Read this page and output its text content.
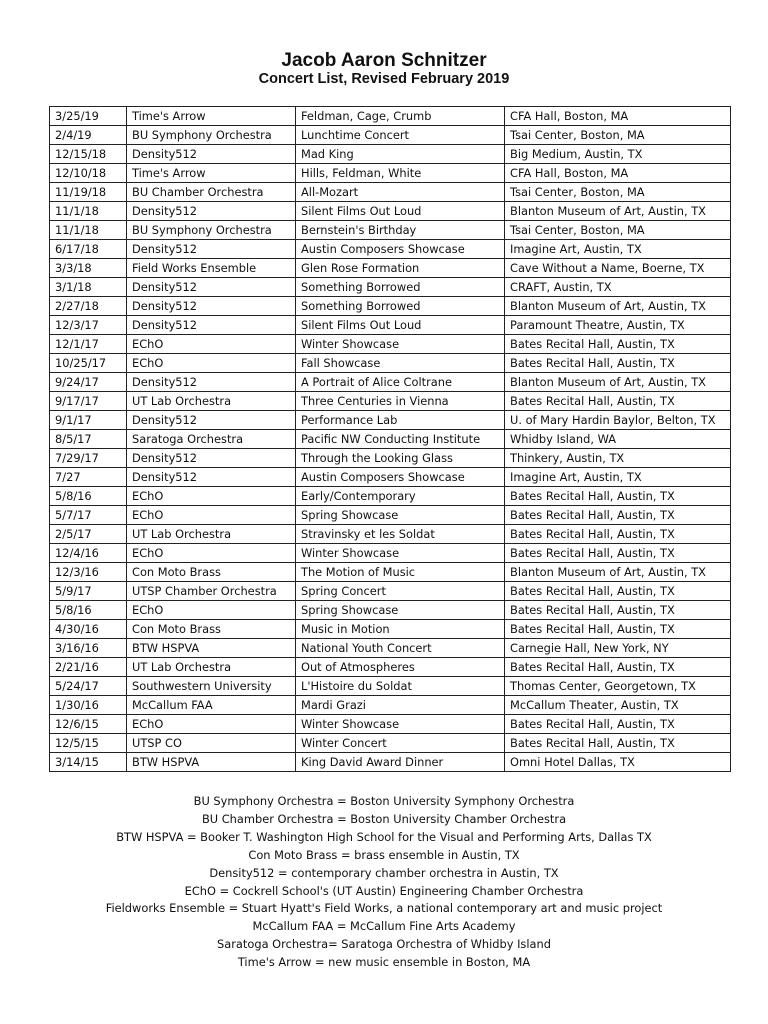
Jacob Aaron Schnitzer
Concert List, Revised February 2019
3/25/19	Time's Arrow	Feldman, Cage, Crumb	CFA Hall, Boston, MA
2/4/19	BU Symphony Orchestra	Lunchtime Concert	Tsai Center, Boston, MA
12/15/18	Density512	Mad King	Big Medium, Austin, TX
12/10/18	Time's Arrow	Hills, Feldman, White	CFA Hall, Boston, MA
11/19/18	BU Chamber Orchestra	All-Mozart	Tsai Center, Boston, MA
11/1/18	Density512	Silent Films Out Loud	Blanton Museum of Art, Austin, TX
11/1/18	BU Symphony Orchestra	Bernstein's Birthday	Tsai Center, Boston, MA
6/17/18	Density512	Austin Composers Showcase	Imagine Art, Austin, TX
3/3/18	Field Works Ensemble	Glen Rose Formation	Cave Without a Name, Boerne, TX
3/1/18	Density512	Something Borrowed	CRAFT, Austin, TX
2/27/18	Density512	Something Borrowed	Blanton Museum of Art, Austin, TX
12/3/17	Density512	Silent Films Out Loud	Paramount Theatre, Austin, TX
12/1/17	EChO	Winter Showcase	Bates Recital Hall, Austin, TX
10/25/17	EChO	Fall Showcase	Bates Recital Hall, Austin, TX
9/24/17	Density512	A Portrait of Alice Coltrane	Blanton Museum of Art, Austin, TX
9/17/17	UT Lab Orchestra	Three Centuries in Vienna	Bates Recital Hall, Austin, TX
9/1/17	Density512	Performance Lab	U. of Mary Hardin Baylor, Belton, TX
8/5/17	Saratoga Orchestra	Pacific NW Conducting Institute	Whidby Island, WA
7/29/17	Density512	Through the Looking Glass	Thinkery, Austin, TX
7/27	Density512	Austin Composers Showcase	Imagine Art, Austin, TX
5/8/16	EChO	Early/Contemporary	Bates Recital Hall, Austin, TX
5/7/17	EChO	Spring Showcase	Bates Recital Hall, Austin, TX
2/5/17	UT Lab Orchestra	Stravinsky et les Soldat	Bates Recital Hall, Austin, TX
12/4/16	EChO	Winter Showcase	Bates Recital Hall, Austin, TX
12/3/16	Con Moto Brass	The Motion of Music	Blanton Museum of Art, Austin, TX
5/9/17	UTSP Chamber Orchestra	Spring Concert	Bates Recital Hall, Austin, TX
5/8/16	EChO	Spring Showcase	Bates Recital Hall, Austin, TX
4/30/16	Con Moto Brass	Music in Motion	Bates Recital Hall, Austin, TX
3/16/16	BTW HSPVA	National Youth Concert	Carnegie Hall, New York, NY
2/21/16	UT Lab Orchestra	Out of Atmospheres	Bates Recital Hall, Austin, TX
5/24/17	Southwestern University	L'Histoire du Soldat	Thomas Center, Georgetown, TX
1/30/16	McCallum FAA	Mardi Grazi	McCallum Theater, Austin, TX
12/6/15	EChO	Winter Showcase	Bates Recital Hall, Austin, TX
12/5/15	UTSP CO	Winter Concert	Bates Recital Hall, Austin, TX
3/14/15	BTW HSPVA	King David Award Dinner	Omni Hotel Dallas, TX
BU Symphony Orchestra = Boston University Symphony Orchestra
BU Chamber Orchestra = Boston University Chamber Orchestra
BTW HSPVA = Booker T. Washington High School for the Visual and Performing Arts, Dallas TX
Con Moto Brass = brass ensemble in Austin, TX
Density512 = contemporary chamber orchestra in Austin, TX
EChO = Cockrell School's (UT Austin) Engineering Chamber Orchestra
Fieldworks Ensemble = Stuart Hyatt's Field Works, a national contemporary art and music project
McCallum FAA = McCallum Fine Arts Academy
Saratoga Orchestra= Saratoga Orchestra of Whidby Island
Time's Arrow = new music ensemble in Boston, MA
